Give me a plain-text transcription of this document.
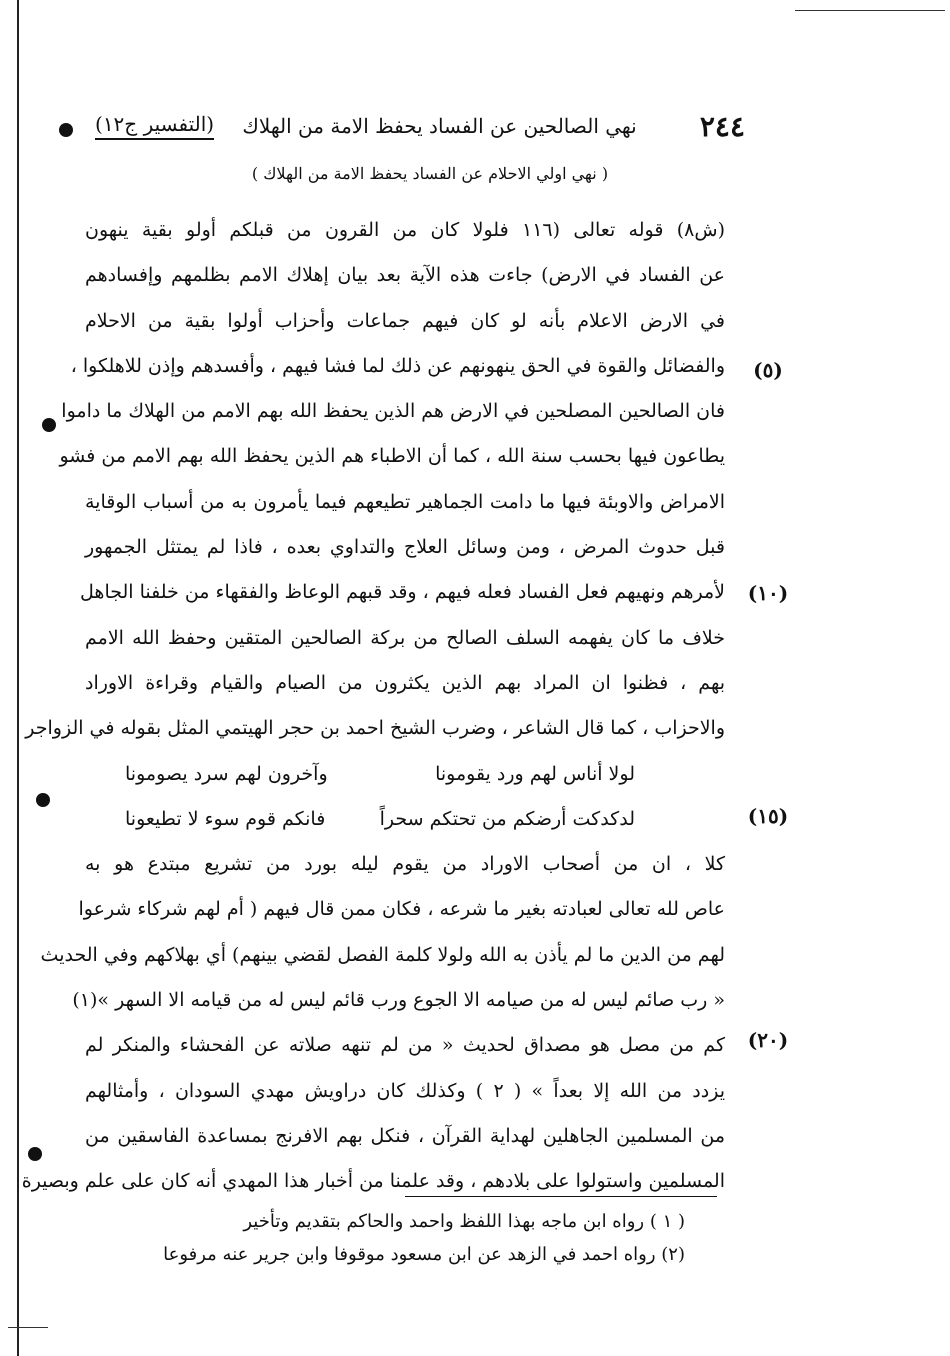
٢٤٤
نهي الصالحين عن الفساد يحفظ الامة من الهلاك
(التفسير ج١٢)
( نهي اولي الاحلام عن الفساد يحفظ الامة من الهلاك )
(ش٨) قوله تعالى (١١٦ فلولا كان من القرون من قبلكم أولو بقية ينهون
عن الفساد في الارض) جاءت هذه الآية بعد بيان إهلاك الامم بظلمهم وإفسادهم
في الارض الاعلام بأنه لو كان فيهم جماعات وأحزاب أولوا بقية من الاحلام
والفضائل والقوة في الحق ينهونهم عن ذلك لما فشا فيهم ، وأفسدهم وإذن للاهلكوا ،
فان الصالحين المصلحين في الارض هم الذين يحفظ الله بهم الامم من الهلاك ما داموا
يطاعون فيها بحسب سنة الله ، كما أن الاطباء هم الذين يحفظ الله بهم الامم من فشو
الامراض والاوبئة فيها ما دامت الجماهير تطيعهم فيما يأمرون به من أسباب الوقاية
قبل حدوث المرض ، ومن وسائل العلاج والتداوي بعده ، فاذا لم يمتثل الجمهور
لأمرهم ونهيهم فعل الفساد فعله فيهم ، وقد قبهم الوعاظ والفقهاء من خلفنا الجاهل
خلاف ما كان يفهمه السلف الصالح من بركة الصالحين المتقين وحفظ الله الامم
بهم ، فظنوا ان المراد بهم الذين يكثرون من الصيام والقيام وقراءة الاوراد
والاحزاب ، كما قال الشاعر ، وضرب الشيخ احمد بن حجر الهيتمي المثل بقوله في الزواجر
لولا أناس لهم ورد يقومونا
وآخرون لهم سرد يصومونا
لدكدكت أرضكم من تحتكم سحراً
فانكم قوم سوء لا تطيعونا
كلا ، ان من أصحاب الاوراد من يقوم ليله بورد من تشريع مبتدع هو به
عاص لله تعالى لعبادته بغير ما شرعه ، فكان ممن قال فيهم ( أم لهم شركاء شرعوا
لهم من الدين ما لم يأذن به الله ولولا كلمة الفصل لقضي بينهم) أي بهلاكهم وفي الحديث
« رب صائم ليس له من صيامه الا الجوع ورب قائم ليس له من قيامه الا السهر »(١)
كم من مصل هو مصداق لحديث « من لم تنهه صلاته عن الفحشاء والمنكر لم
يزدد من الله إلا بعداً » ( ٢ ) وكذلك كان دراويش مهدي السودان ، وأمثالهم
من المسلمين الجاهلين لهداية القرآن ، فنكل بهم الافرنج بمساعدة الفاسقين من
المسلمين واستولوا على بلادهم ، وقد علمنا من أخبار هذا المهدي أنه كان على علم وبصيرة
(٥)
(١٠)
(١٥)
(٢٠)
( ١ ) رواه ابن ماجه بهذا اللفظ واحمد والحاكم بتقديم وتأخير
(٢) رواه احمد في الزهد عن ابن مسعود موقوفا وابن جرير عنه مرفوعا
